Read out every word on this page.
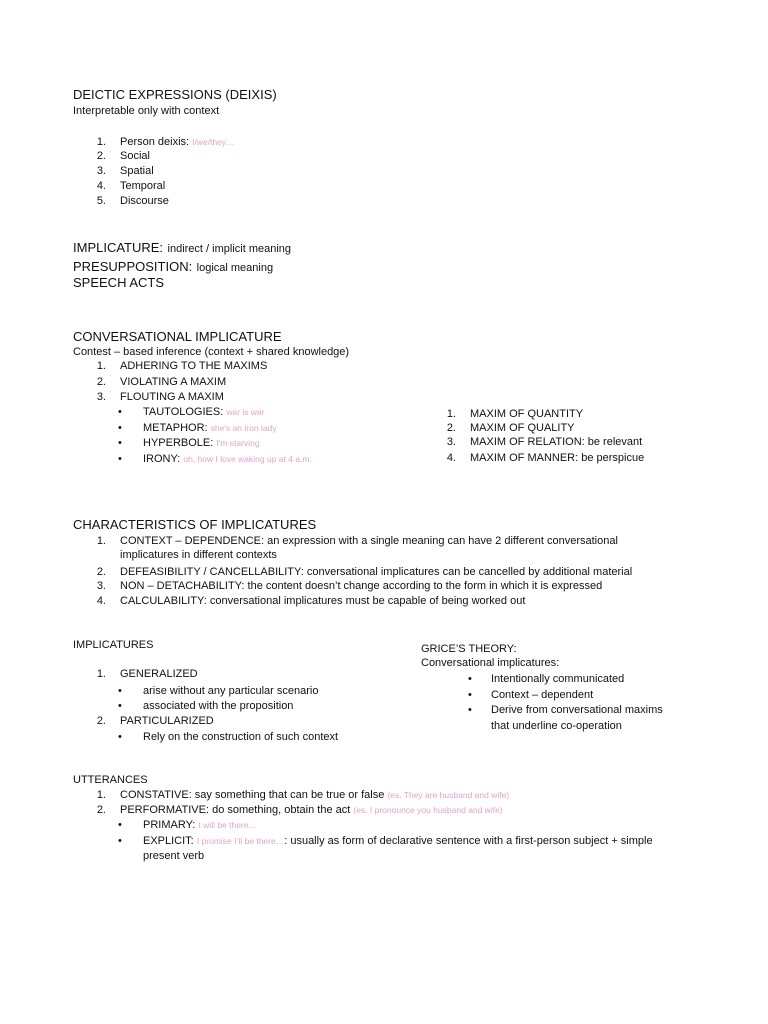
DEICTIC EXPRESSIONS (DEIXIS)
Interpretable only with context
1. Person deixis: I/we/they…
2. Social
3. Spatial
4. Temporal
5. Discourse
IMPLICATURE: indirect / implicit meaning
PRESUPPOSITION: logical meaning
SPEECH ACTS
CONVERSATIONAL IMPLICATURE
Contest – based inference (context + shared knowledge)
1. ADHERING TO THE MAXIMS
2. VIOLATING A MAXIM
3. FLOUTING A MAXIM
• TAUTOLOGIES: war is war
• METAPHOR: she's an iron lady
• HYPERBOLE: I'm starving
• IRONY: oh, how I love waking up at 4 a.m.
1. MAXIM OF QUANTITY
2. MAXIM OF QUALITY
3. MAXIM OF RELATION: be relevant
4. MAXIM OF MANNER: be perspicue
CHARACTERISTICS OF IMPLICATURES
1. CONTEXT – DEPENDENCE: an expression with a single meaning can have 2 different conversational
implicatures in different contexts
2. DEFEASIBILITY / CANCELLABILITY: conversational implicatures can be cancelled by additional material
3. NON – DETACHABILITY: the content doesn’t change according to the form in which it is expressed
4. CALCULABILITY: conversational implicatures must be capable of being worked out
IMPLICATURES
1. GENERALIZED
• arise without any particular scenario
• associated with the proposition
2. PARTICULARIZED
• Rely on the construction of such context
GRICE’S THEORY:
Conversational implicatures:
• Intentionally communicated
• Context – dependent
• Derive from conversational maxims
that underline co-operation
UTTERANCES
1. CONSTATIVE: say something that can be true or false (es. They are husband and wife)
2. PERFORMATIVE: do something, obtain the act (es. I pronounce you husband and wife)
• PRIMARY: I will be there…
• EXPLICIT: I promise I’ll be there…: usually as form of declarative sentence with a first-person subject + simple
present verb
